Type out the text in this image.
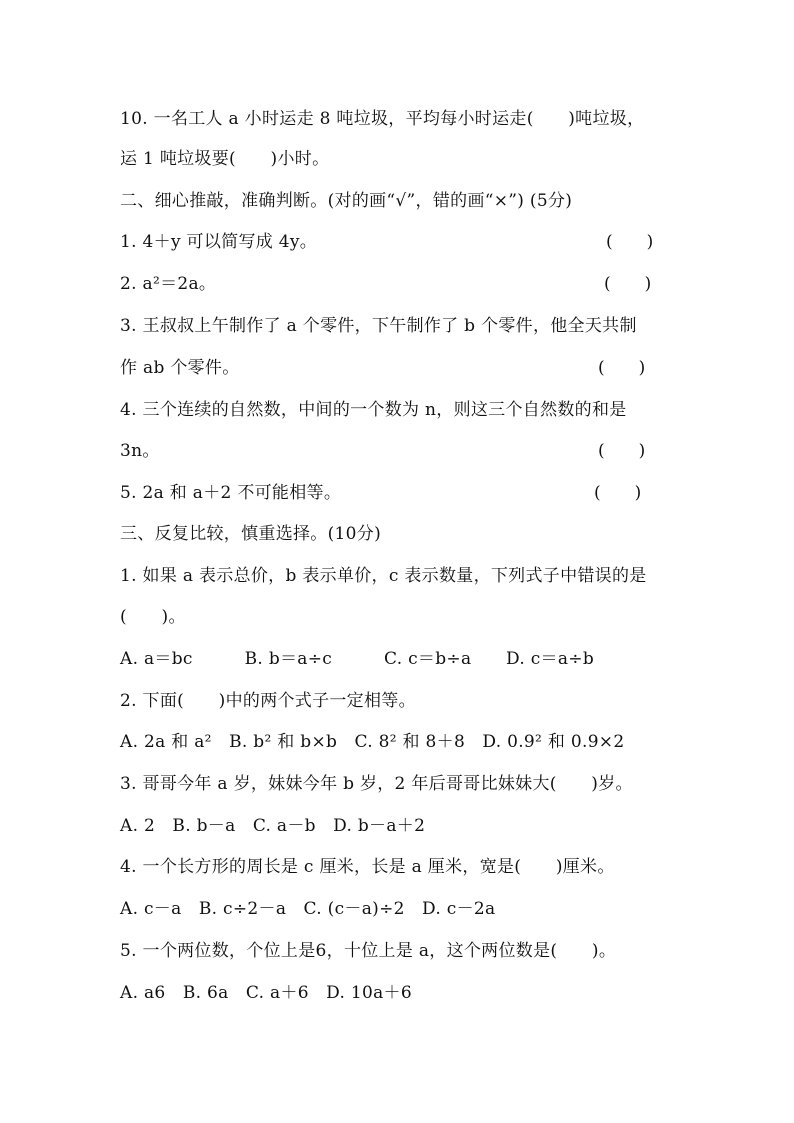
10. 一名工人 a 小时运走 8 吨垃圾，平均每小时运走(　　)吨垃圾，
运 1 吨垃圾要(　　)小时。
二、细心推敲，准确判断。(对的画“√”，错的画“×”) (5分)
1. 4＋y 可以简写成 4y。	(　　)
2. a²＝2a。	(　　)
3. 王叔叔上午制作了 a 个零件，下午制作了 b 个零件，他全天共制
作 ab 个零件。	(　　)
4. 三个连续的自然数，中间的一个数为 n，则这三个自然数的和是
3n。	(　　)
5. 2a 和 a＋2 不可能相等。	(　　)
三、反复比较，慎重选择。(10分)
1. 如果 a 表示总价，b 表示单价，c 表示数量，下列式子中错误的是
(　　)。
A. a＝bc　　　B. b＝a÷c　　　C. c＝b÷a　　D. c＝a÷b
2. 下面(　　)中的两个式子一定相等。
A. 2a 和 a²　B. b² 和 b×b　C. 8² 和 8＋8　D. 0.9² 和 0.9×2
3. 哥哥今年 a 岁，妹妹今年 b 岁，2 年后哥哥比妹妹大(　　)岁。
A. 2　B. b－a　C. a－b　D. b－a＋2
4. 一个长方形的周长是 c 厘米，长是 a 厘米，宽是(　　)厘米。
A. c－a　B. c÷2－a　C. (c－a)÷2　D. c－2a
5. 一个两位数，个位上是6，十位上是 a，这个两位数是(　　)。
A. a6　B. 6a　C. a＋6　D. 10a＋6
